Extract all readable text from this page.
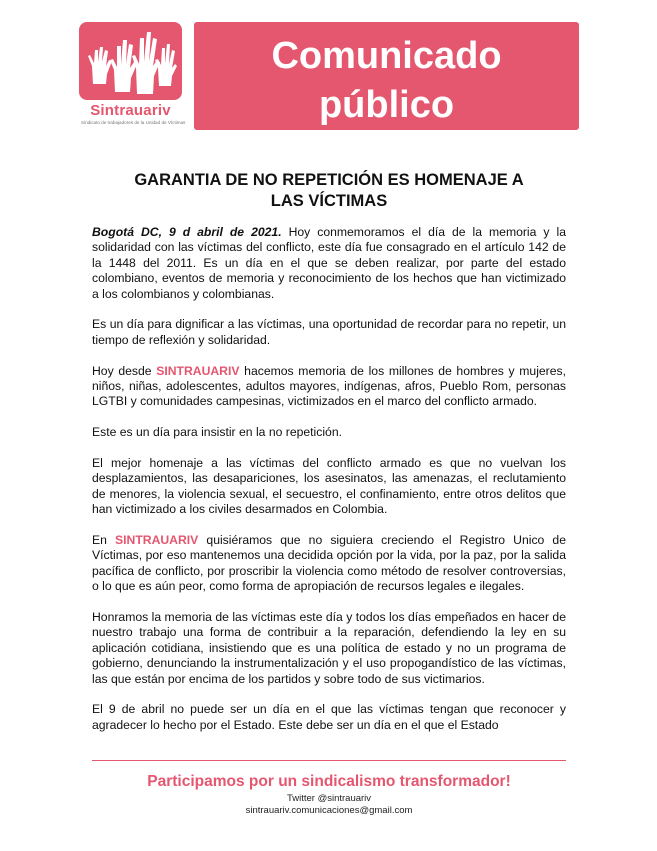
Sintrauariv
Sindicato de trabajadores de la Unidad de Víctimas
Comunicado
público
GARANTIA DE NO REPETICIÓN ES HOMENAJE A
LAS VÍCTIMAS

Bogotá DC, 9 d abril de 2021. Hoy conmemoramos el día de la memoria y la solidaridad con las víctimas del conflicto, este día fue consagrado en el artículo 142 de la 1448 del 2011. Es un día en el que se deben realizar, por parte del estado colombiano, eventos de memoria y reconocimiento de los hechos que han victimizado a los colombianos y colombianas.

Es un día para dignificar a las víctimas, una oportunidad de recordar para no repetir, un tiempo de reflexión y solidaridad.

Hoy desde SINTRAUARIV hacemos memoria de los millones de hombres y mujeres, niños, niñas, adolescentes, adultos mayores, indígenas, afros, Pueblo Rom, personas LGTBI y comunidades campesinas, victimizados en el marco del conflicto armado.

Este es un día para insistir en la no repetición.

El mejor homenaje a las víctimas del conflicto armado es que no vuelvan los desplazamientos, las desapariciones, los asesinatos, las amenazas, el reclutamiento de menores, la violencia sexual, el secuestro, el confinamiento, entre otros delitos que han victimizado a los civiles desarmados en Colombia.

En SINTRAUARIV quisiéramos que no siguiera creciendo el Registro Unico de Víctimas, por eso mantenemos una decidida opción por la vida, por la paz, por la salida pacífica de conflicto, por proscribir la violencia como método de resolver controversias, o lo que es aún peor, como forma de apropiación de recursos legales e ilegales.

Honramos la memoria de las víctimas este día y todos los días empeñados en hacer de nuestro trabajo una forma de contribuir a la reparación, defendiendo la ley en su aplicación cotidiana, insistiendo que es una política de estado y no un programa de gobierno, denunciando la instrumentalización y el uso propogandístico de las víctimas, las que están por encima de los partidos y sobre todo de sus victimarios.

El 9 de abril no puede ser un día en el que las víctimas tengan que reconocer y agradecer lo hecho por el Estado. Este debe ser un día en el que el Estado

Participamos por un sindicalismo transformador!
Twitter @sintrauariv
sintrauariv.comunicaciones@gmail.com
